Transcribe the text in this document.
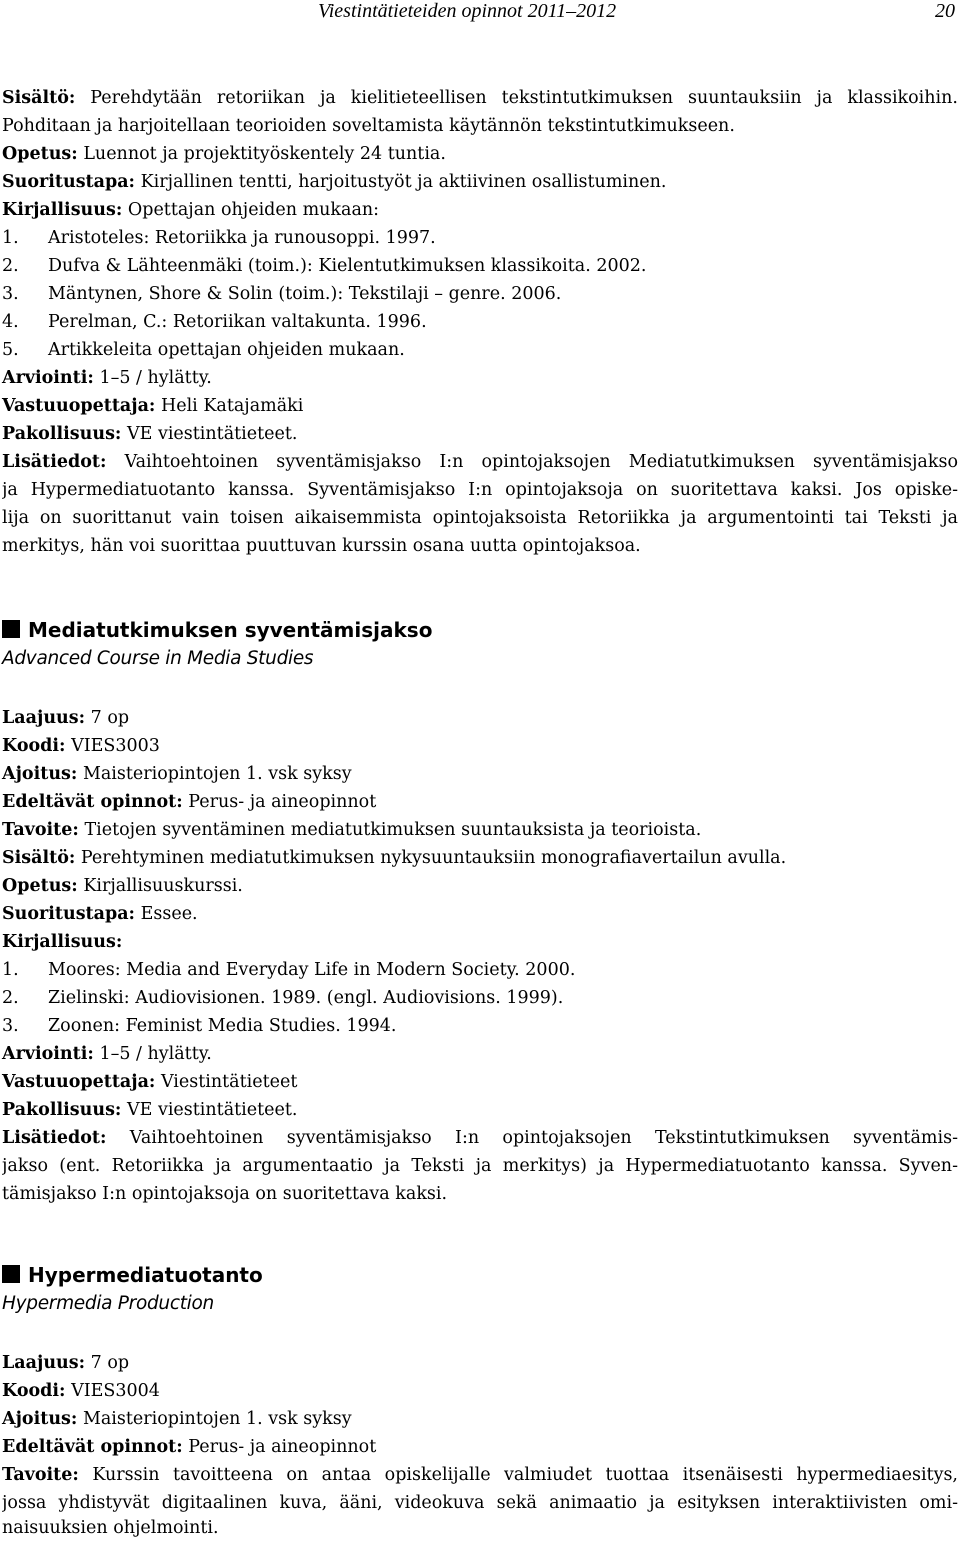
Viestintätieteiden opinnot 2011–2012	20
Sisältö: Perehdytään retoriikan ja kielitieteellisen tekstintutkimuksen suuntauksiin ja klassikoihin.
Pohditaan ja harjoitellaan teorioiden soveltamista käytännön tekstintutkimukseen.
Opetus: Luennot ja projektityöskentely 24 tuntia.
Suoritustapa: Kirjallinen tentti, harjoitustyöt ja aktiivinen osallistuminen.
Kirjallisuus: Opettajan ohjeiden mukaan:
1. Aristoteles: Retoriikka ja runousoppi. 1997.
2. Dufva & Lähteenmäki (toim.): Kielentutkimuksen klassikoita. 2002.
3. Mäntynen, Shore & Solin (toim.): Tekstilaji – genre. 2006.
4. Perelman, C.: Retoriikan valtakunta. 1996.
5. Artikkeleita opettajan ohjeiden mukaan.
Arviointi: 1–5 / hylätty.
Vastuuopettaja: Heli Katajamäki
Pakollisuus: VE viestintätieteet.
Lisätiedot: Vaihtoehtoinen syventämisjakso I:n opintojaksojen Mediatutkimuksen syventämisjakso
ja Hypermediatuotanto kanssa. Syventämisjakso I:n opintojaksoja on suoritettava kaksi. Jos opiske-
lija on suorittanut vain toisen aikaisemmista opintojaksoista Retoriikka ja argumentointi tai Teksti ja
merkitys, hän voi suorittaa puuttuvan kurssin osana uutta opintojaksoa.
Mediatutkimuksen syventämisjakso
Advanced Course in Media Studies
Laajuus: 7 op
Koodi: VIES3003
Ajoitus: Maisteriopintojen 1. vsk syksy
Edeltävät opinnot: Perus- ja aineopinnot
Tavoite: Tietojen syventäminen mediatutkimuksen suuntauksista ja teorioista.
Sisältö: Perehtyminen mediatutkimuksen nykysuuntauksiin monografiavertailun avulla.
Opetus: Kirjallisuuskurssi.
Suoritustapa: Essee.
Kirjallisuus:
1. Moores: Media and Everyday Life in Modern Society. 2000.
2. Zielinski: Audiovisionen. 1989. (engl. Audiovisions. 1999).
3. Zoonen: Feminist Media Studies. 1994.
Arviointi: 1–5 / hylätty.
Vastuuopettaja: Viestintätieteet
Pakollisuus: VE viestintätieteet.
Lisätiedot: Vaihtoehtoinen syventämisjakso I:n opintojaksojen Tekstintutkimuksen syventämis-
jakso (ent. Retoriikka ja argumentaatio ja Teksti ja merkitys) ja Hypermediatuotanto kanssa. Syven-
tämisjakso I:n opintojaksoja on suoritettava kaksi.
Hypermediatuotanto
Hypermedia Production
Laajuus: 7 op
Koodi: VIES3004
Ajoitus: Maisteriopintojen 1. vsk syksy
Edeltävät opinnot: Perus- ja aineopinnot
Tavoite: Kurssin tavoitteena on antaa opiskelijalle valmiudet tuottaa itsenäisesti hypermediaesitys,
jossa yhdistyvät digitaalinen kuva, ääni, videokuva sekä animaatio ja esityksen interaktiivisten omi-
naisuuksien ohjelmointi.
